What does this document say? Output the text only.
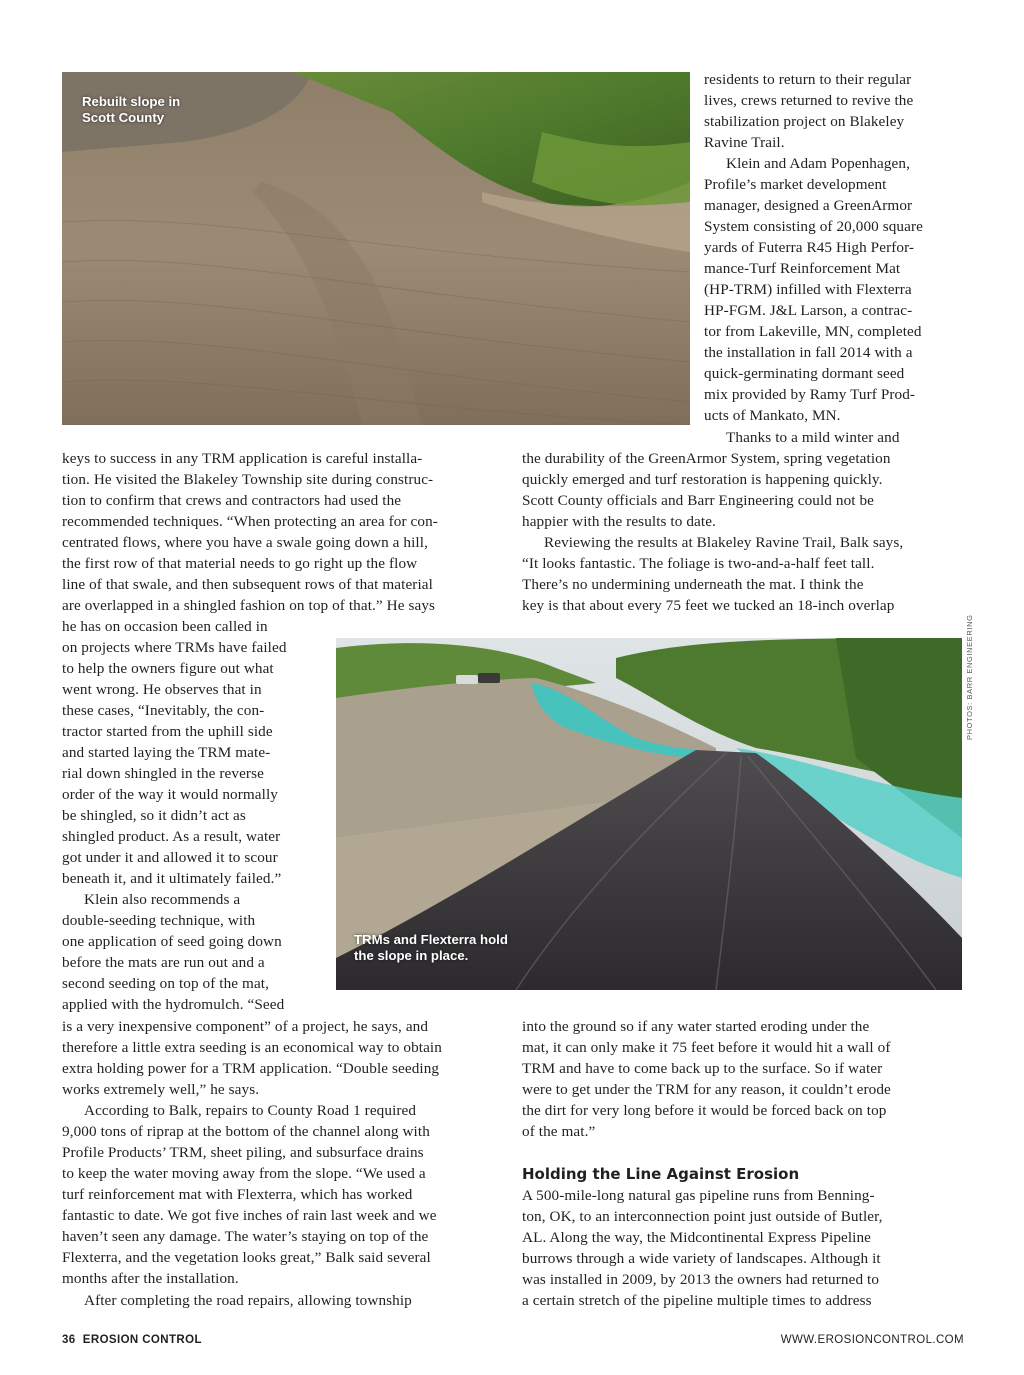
Rebuilt slope in
Scott County
residents to return to their regular
lives, crews returned to revive the
stabilization project on Blakeley
Ravine Trail.
Klein and Adam Popenhagen,
Profile’s market development
manager, designed a GreenArmor
System consisting of 20,000 square
yards of Futerra R45 High Perfor-
mance-Turf Reinforcement Mat
(HP-TRM) infilled with Flexterra
HP-FGM. J&L Larson, a contrac-
tor from Lakeville, MN, completed
the installation in fall 2014 with a
quick-germinating dormant seed
mix provided by Ramy Turf Prod-
ucts of Mankato, MN.
Thanks to a mild winter and
keys to success in any TRM application is careful installa-
tion. He visited the Blakeley Township site during construc-
tion to confirm that crews and contractors had used the
recommended techniques. “When protecting an area for con-
centrated flows, where you have a swale going down a hill,
the first row of that material needs to go right up the flow
line of that swale, and then subsequent rows of that material
are overlapped in a shingled fashion on top of that.” He says
the durability of the GreenArmor System, spring vegetation
quickly emerged and turf restoration is happening quickly.
Scott County officials and Barr Engineering could not be
happier with the results to date.
Reviewing the results at Blakeley Ravine Trail, Balk says,
“It looks fantastic. The foliage is two-and-a-half feet tall.
There’s no undermining underneath the mat. I think the
key is that about every 75 feet we tucked an 18-inch overlap
he has on occasion been called in
on projects where TRMs have failed
to help the owners figure out what
went wrong. He observes that in
these cases, “Inevitably, the con-
tractor started from the uphill side
and started laying the TRM mate-
rial down shingled in the reverse
order of the way it would normally
be shingled, so it didn’t act as
shingled product. As a result, water
got under it and allowed it to scour
beneath it, and it ultimately failed.”
Klein also recommends a
double-seeding technique, with
one application of seed going down
before the mats are run out and a
second seeding on top of the mat,
applied with the hydromulch. “Seed
TRMs and Flexterra hold
the slope in place.
PHOTOS: BARR ENGINEERING
is a very inexpensive component” of a project, he says, and
therefore a little extra seeding is an economical way to obtain
extra holding power for a TRM application. “Double seeding
works extremely well,” he says.
According to Balk, repairs to County Road 1 required
9,000 tons of riprap at the bottom of the channel along with
Profile Products’ TRM, sheet piling, and subsurface drains
to keep the water moving away from the slope. “We used a
turf reinforcement mat with Flexterra, which has worked
fantastic to date. We got five inches of rain last week and we
haven’t seen any damage. The water’s staying on top of the
Flexterra, and the vegetation looks great,” Balk said several
months after the installation.
After completing the road repairs, allowing township
into the ground so if any water started eroding under the
mat, it can only make it 75 feet before it would hit a wall of
TRM and have to come back up to the surface. So if water
were to get under the TRM for any reason, it couldn’t erode
the dirt for very long before it would be forced back on top
of the mat.”
Holding the Line Against Erosion
A 500-mile-long natural gas pipeline runs from Benning-
ton, OK, to an interconnection point just outside of Butler,
AL. Along the way, the Midcontinental Express Pipeline
burrows through a wide variety of landscapes. Although it
was installed in 2009, by 2013 the owners had returned to
a certain stretch of the pipeline multiple times to address
36 EROSION CONTROL	WWW.EROSIONCONTROL.COM
